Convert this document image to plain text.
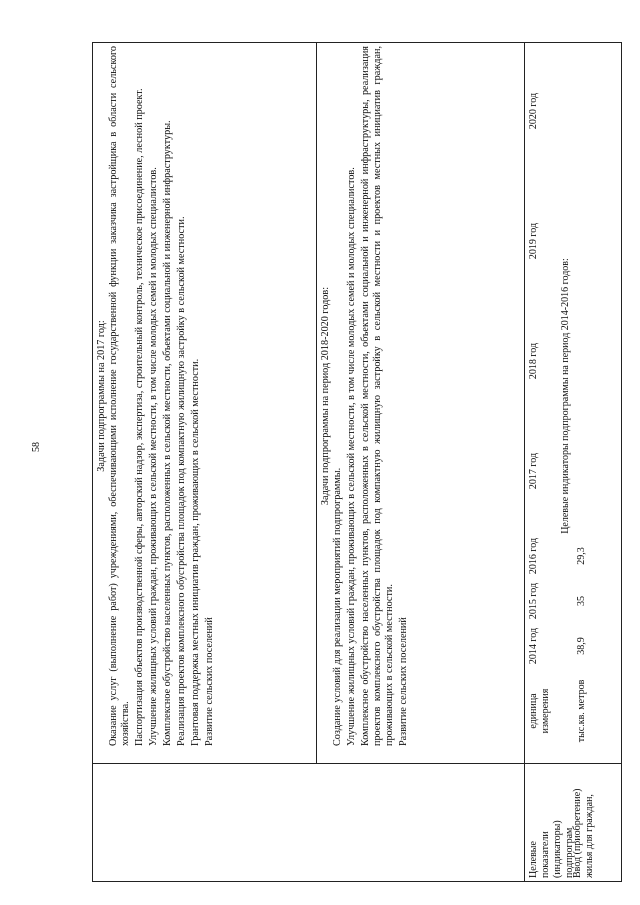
58
Целевые показатели (индикаторы) подпрограм
Задачи подпрограммы на 2017 год: Оказание услуг (выполнение работ) учреждениями, обеспечивающими исполнение государственной функции заказчика застройщика в области сельского хозяйства. Паспортизация объектов производственной сферы, авторский надзор, экспертиза, строительный контроль, техническое присоединение, лесной проект. Улучшение жилищных условий граждан, проживающих в сельской местности, в том числе молодых семей и молодых специалистов. Комплексное обустройство населенных пунктов, расположенных в сельской местности, объектами социальной и инженерной инфраструктуры. Реализация проектов комплексного обустройства площадок под компактную жилищную застройку в сельской местности. Грантовая поддержка местных инициатив граждан, проживающих в сельской местности. Развитие сельских поселений

Задачи подпрограммы на период 2018-2020 годов:

Создание условий для реализации мероприятий подпрограммы. Улучшение жилищных условий граждан, проживающих в сельской местности, в том числе молодых семей и молодых специалистов. Комплексное обустройство населенных пунктов, расположенных в сельской местности, объектами социальной и инженерной инфраструктуры, реализация проектов комплексного обустройства площадок под компактную жилищную застройку в сельской местности и проектов местных инициатив граждан, проживающих в сельской местности. Развитие сельских поселений	единица измерения
2014 год
2015 год
2016 год
2017 год
2018 год
2019 год
2020 год
Целевые индикаторы подпрограммы на период 2014-2016 годов:
Ввод (приобретение) жилья для граждан,
тыс.кв. метров
38,9
35
29,3
